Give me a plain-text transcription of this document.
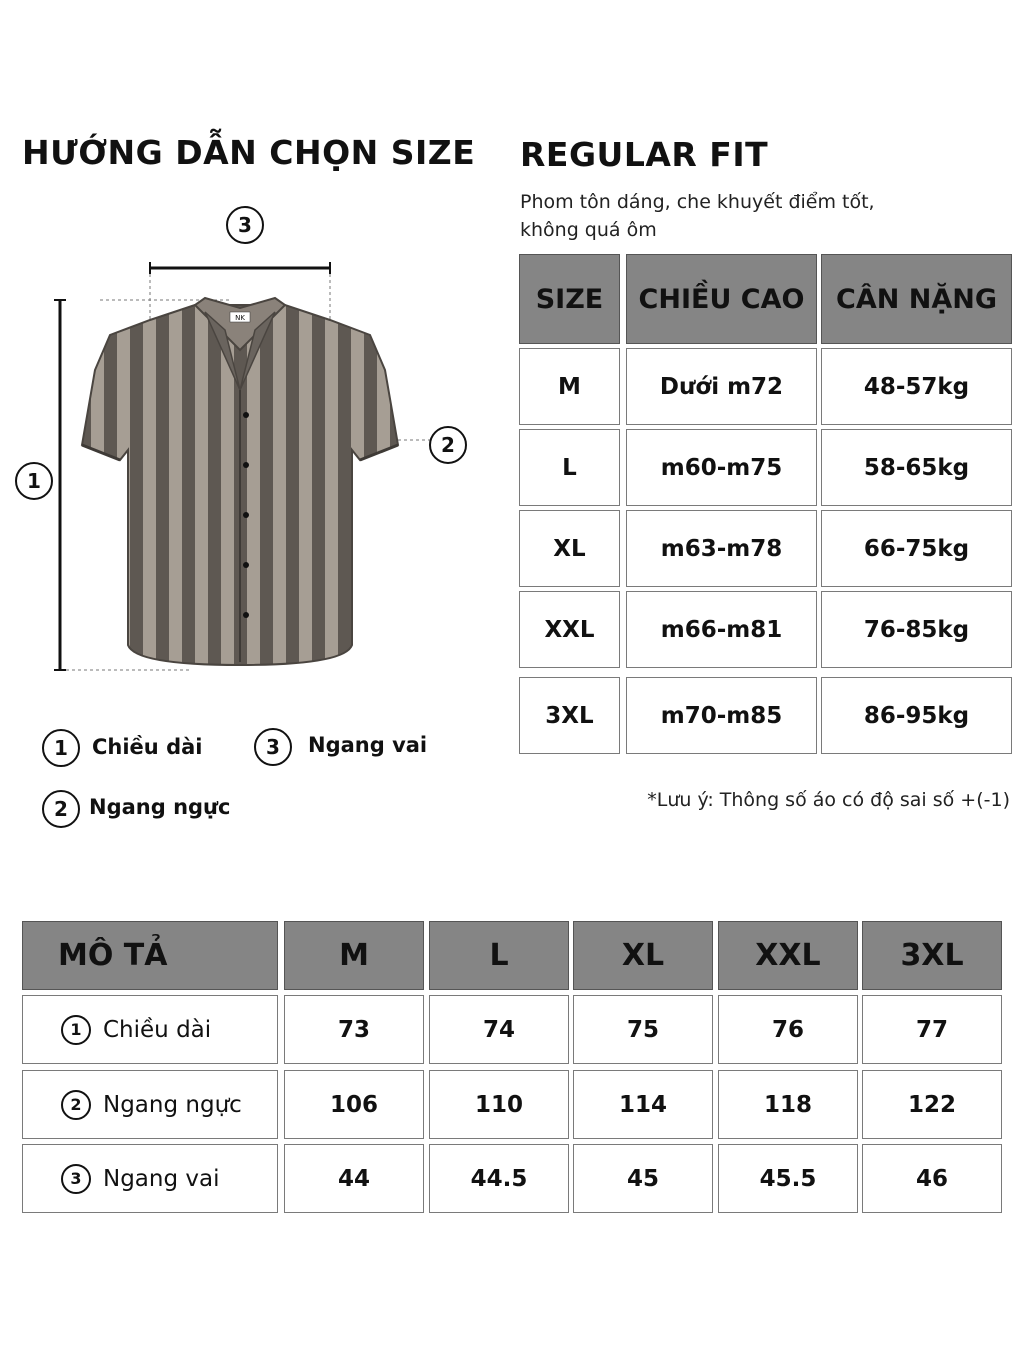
HƯỚNG DẪN CHỌN SIZE REGULAR FIT
Phom tôn dáng, che khuyết điểm tốt,
không quá ôm
NK
3
2
1
1	Chiều dài	3	Ngang vai
2	Ngang ngực
SIZE	CHIỀU CAO	CÂN NẶNG
M	Dưới m72	48-57kg
L	m60-m75	58-65kg
XL	m63-m78	66-75kg
XXL	m66-m81	76-85kg
3XL	m70-m85	86-95kg
*Lưu ý: Thông số áo có độ sai số +(-1)
MÔ TẢ	M	L	XL	XXL	3XL
1 Chiều dài	73	74	75	76	77
2 Ngang ngực	106	110	114	118	122
3 Ngang vai	44	44.5	45	45.5	46
